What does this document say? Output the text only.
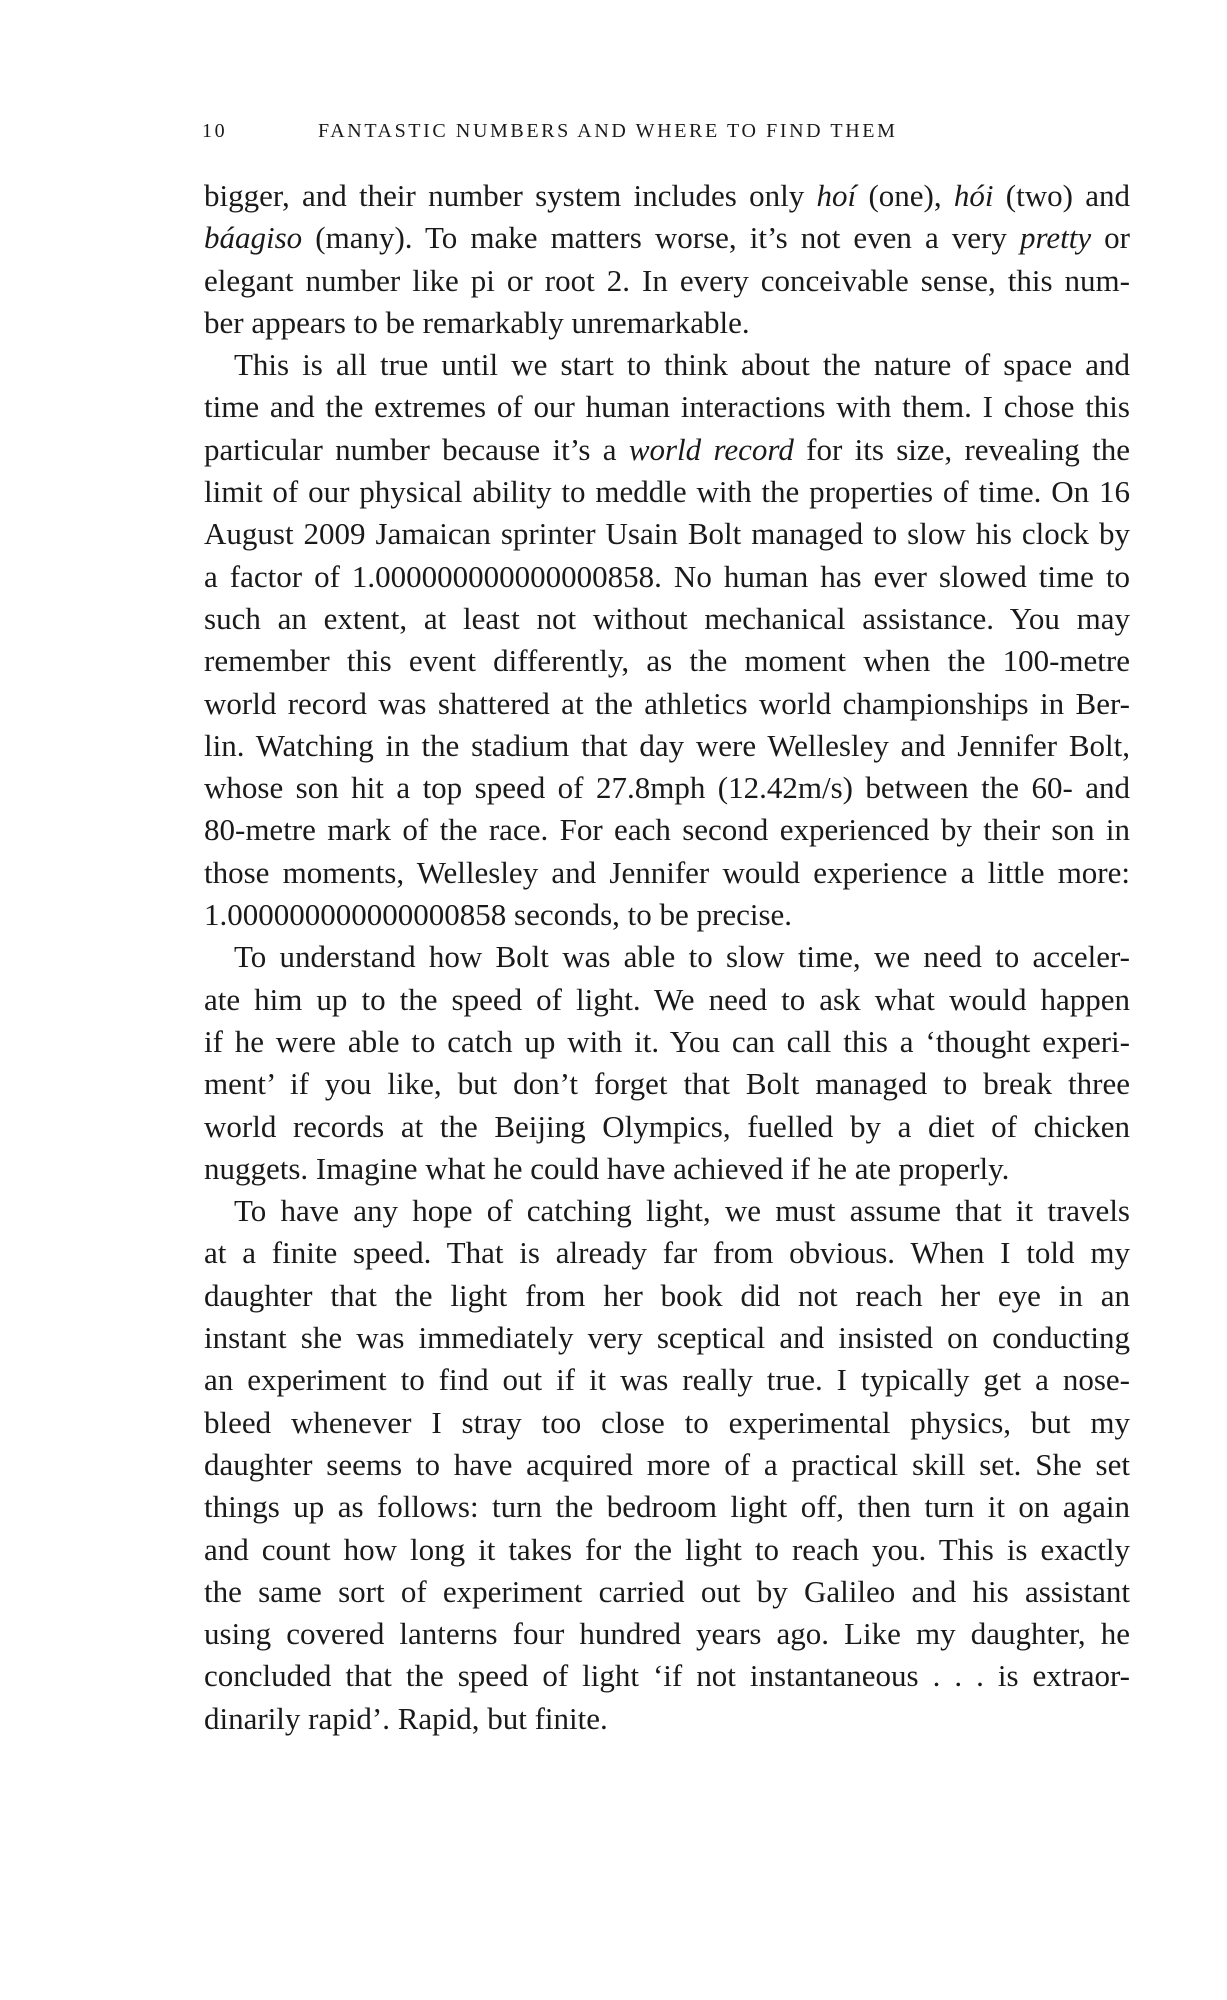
10	FANTASTIC NUMBERS AND WHERE TO FIND THEM
bigger, and their number system includes only hoí (one), hói (two) and
báagiso (many). To make matters worse, it’s not even a very pretty or
elegant number like pi or root 2. In every conceivable sense, this num-
ber appears to be remarkably unremarkable.
This is all true until we start to think about the nature of space and
time and the extremes of our human interactions with them. I chose this
particular number because it’s a world record for its size, revealing the
limit of our physical ability to meddle with the properties of time. On 16
August 2009 Jamaican sprinter Usain Bolt managed to slow his clock by
a factor of 1.000000000000000858. No human has ever slowed time to
such an extent, at least not without mechanical assistance. You may
remember this event differently, as the moment when the 100-metre
world record was shattered at the athletics world championships in Ber-
lin. Watching in the stadium that day were Wellesley and Jennifer Bolt,
whose son hit a top speed of 27.8mph (12.42m/s) between the 60- and
80-metre mark of the race. For each second experienced by their son in
those moments, Wellesley and Jennifer would experience a little more:
1.000000000000000858 seconds, to be precise.
To understand how Bolt was able to slow time, we need to acceler-
ate him up to the speed of light. We need to ask what would happen
if he were able to catch up with it. You can call this a ‘thought experi-
ment’ if you like, but don’t forget that Bolt managed to break three
world records at the Beijing Olympics, fuelled by a diet of chicken
nuggets. Imagine what he could have achieved if he ate properly.
To have any hope of catching light, we must assume that it travels
at a finite speed. That is already far from obvious. When I told my
daughter that the light from her book did not reach her eye in an
instant she was immediately very sceptical and insisted on conducting
an experiment to find out if it was really true. I typically get a nose-
bleed whenever I stray too close to experimental physics, but my
daughter seems to have acquired more of a practical skill set. She set
things up as follows: turn the bedroom light off, then turn it on again
and count how long it takes for the light to reach you. This is exactly
the same sort of experiment carried out by Galileo and his assistant
using covered lanterns four hundred years ago. Like my daughter, he
concluded that the speed of light ‘if not instantaneous . . . is extraor-
dinarily rapid’. Rapid, but finite.
